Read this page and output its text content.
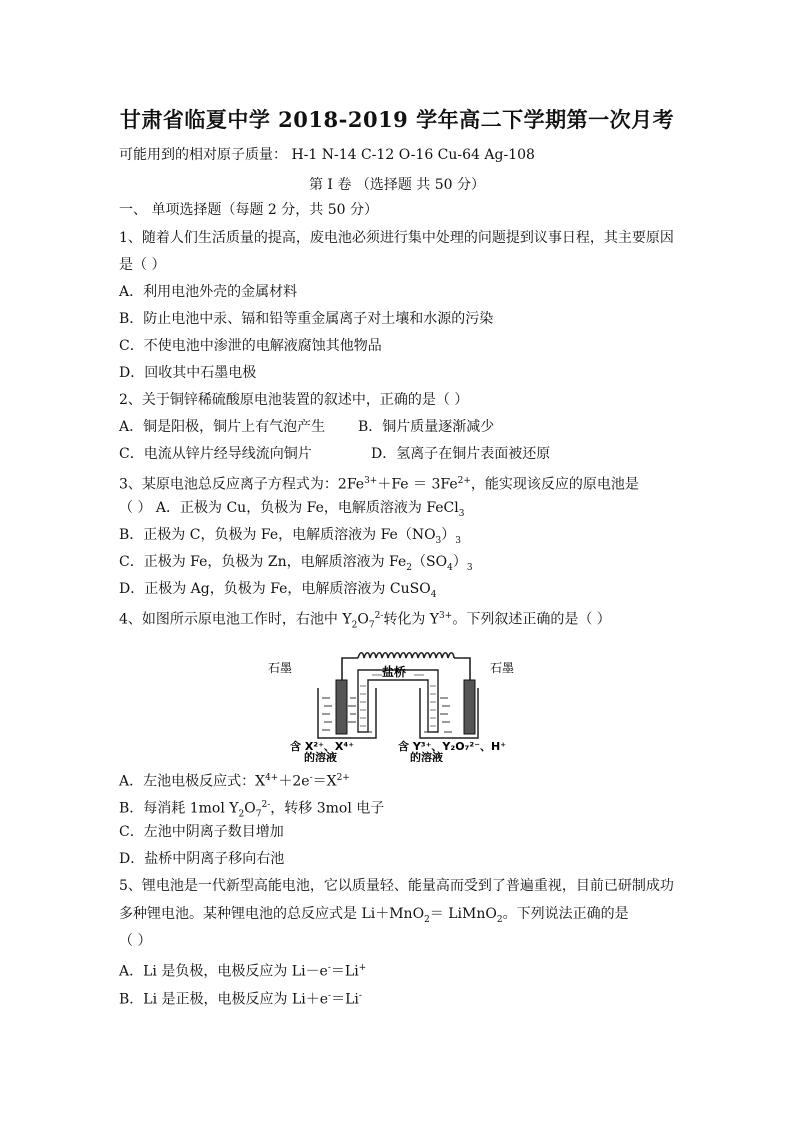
甘肃省临夏中学 2018-2019 学年高二下学期第一次月考
可能用到的相对原子质量： H-1 N-14 C-12 O-16 Cu-64 Ag-108
第 I 卷 （选择题 共 50 分）
一、 单项选择题（每题 2 分，共 50 分）
1、随着人们生活质量的提高，废电池必须进行集中处理的问题提到议事日程，其主要原因
是（ ）
A．利用电池外壳的金属材料
B．防止电池中汞、镉和铅等重金属离子对土壤和水源的污染
C．不使电池中渗泄的电解液腐蚀其他物品
D．回收其中石墨电极
2、关于铜锌稀硫酸原电池装置的叙述中，正确的是（ ）
A．铜是阳极，铜片上有气泡产生 B．铜片质量逐渐减少
C．电流从锌片经导线流向铜片	D．氢离子在铜片表面被还原
3、某原电池总反应离子方程式为：$2Fe^{3+}+Fe = 3Fe^{2+}$，能实现该反应的原电池是
（ ） A．正极为 Cu，负极为 Fe，电解质溶液为 FeCl$_3$
B．正极为 C，负极为 Fe，电解质溶液为 $Fe(NO_3)_3$
C．正极为 Fe，负极为 Zn，电解质溶液为 $Fe_2(SO_4)_3$
D．正极为 Ag，负极为 Fe，电解质溶液为 CuSO$_4$
4、如图所示原电池工作时，右池中 $Y_2O_7^{2-}$转化为 $Y^{3+}$。下列叙述正确的是（ ）
石墨	石墨
盐桥
含 X²⁺、X⁴⁺
的溶液
含 Y³⁺、Y₂O₇²⁻、H⁺
的溶液
A．左池电极反应式：$X^{4+}+2e^-=X^{2+}$
B．每消耗 1mol $Y_2O_7^{2-}$，转移 3mol 电子
C．左池中阴离子数目增加
D．盐桥中阴离子移向右池
5、锂电池是一代新型高能电池，它以质量轻、能量高而受到了普遍重视，目前已研制成功
多种锂电池。某种锂电池的总反应式是 Li＋MnO$_2$＝ LiMnO$_2$。下列说法正确的是
（ ）
A．Li 是负极，电极反应为 Li－e-＝Li+
B．Li 是正极，电极反应为 Li＋e-＝Li-
